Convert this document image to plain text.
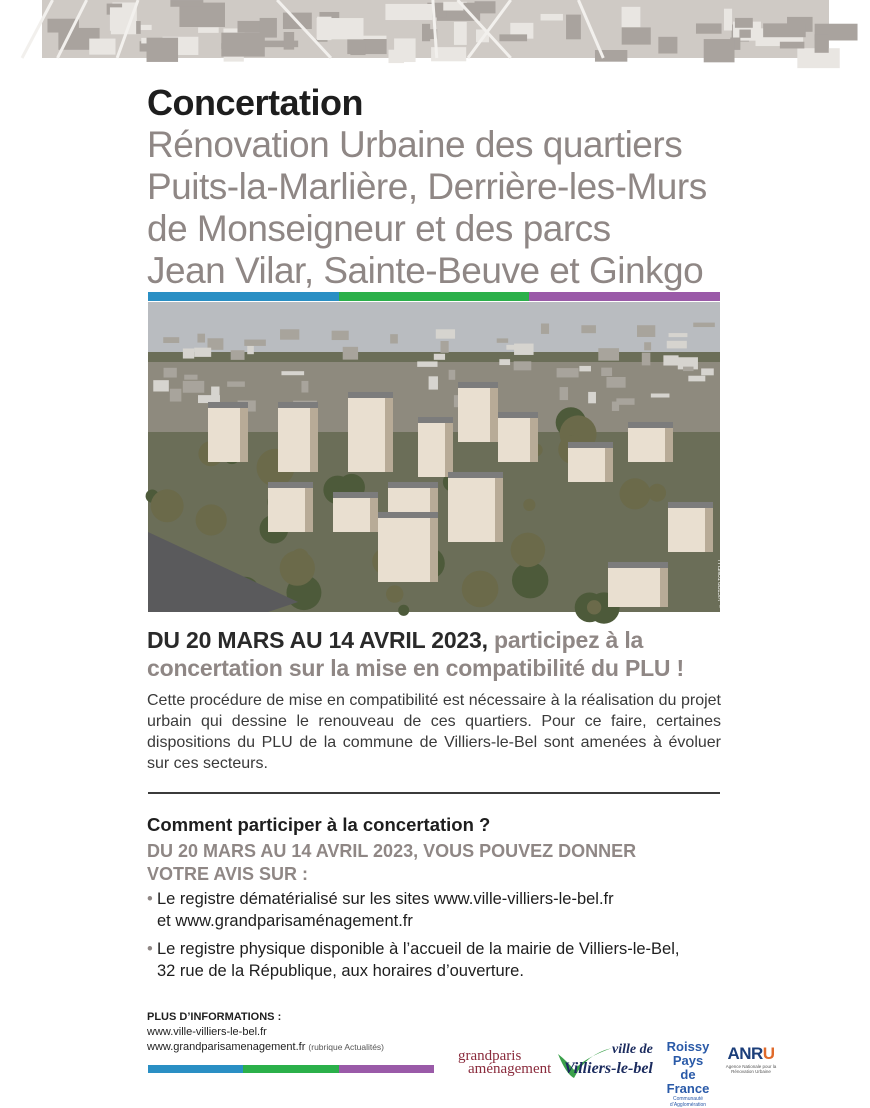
Concertation
Rénovation Urbaine des quartiers
Puits-la-Marlière, Derrière-les-Murs
de Monseigneur et des parcs
Jean Vilar, Sainte-Beuve et Ginkgo
© VICTOR TONELLI
DU 20 MARS AU 14 AVRIL 2023, participez à la concertation sur la mise en compatibilité du PLU !

Cette procédure de mise en compatibilité est nécessaire à la réalisation du projet urbain qui dessine le renouveau de ces quartiers. Pour ce faire, certaines dispositions du PLU de la commune de Villiers-le-Bel sont amenées à évoluer sur ces secteurs.

Comment participer à la concertation ?
DU 20 MARS AU 14 AVRIL 2023, VOUS POUVEZ DONNER VOTRE AVIS SUR :
• Le registre dématérialisé sur les sites www.ville-villiers-le-bel.fr
et www.grandparisaménagement.fr
• Le registre physique disponible à l’accueil de la mairie de Villiers-le-Bel,
32 rue de la République, aux horaires d’ouverture.
PLUS D’INFORMATIONS :
www.ville-villiers-le-bel.fr
www.grandparisamenagement.fr (rubrique Actualités)
grandparis
aménagement
ville de
Villiers-le-bel
Roissy
Pays de
France
Communauté d’Agglomération
ANRU
Agence Nationale pour la Rénovation Urbaine
